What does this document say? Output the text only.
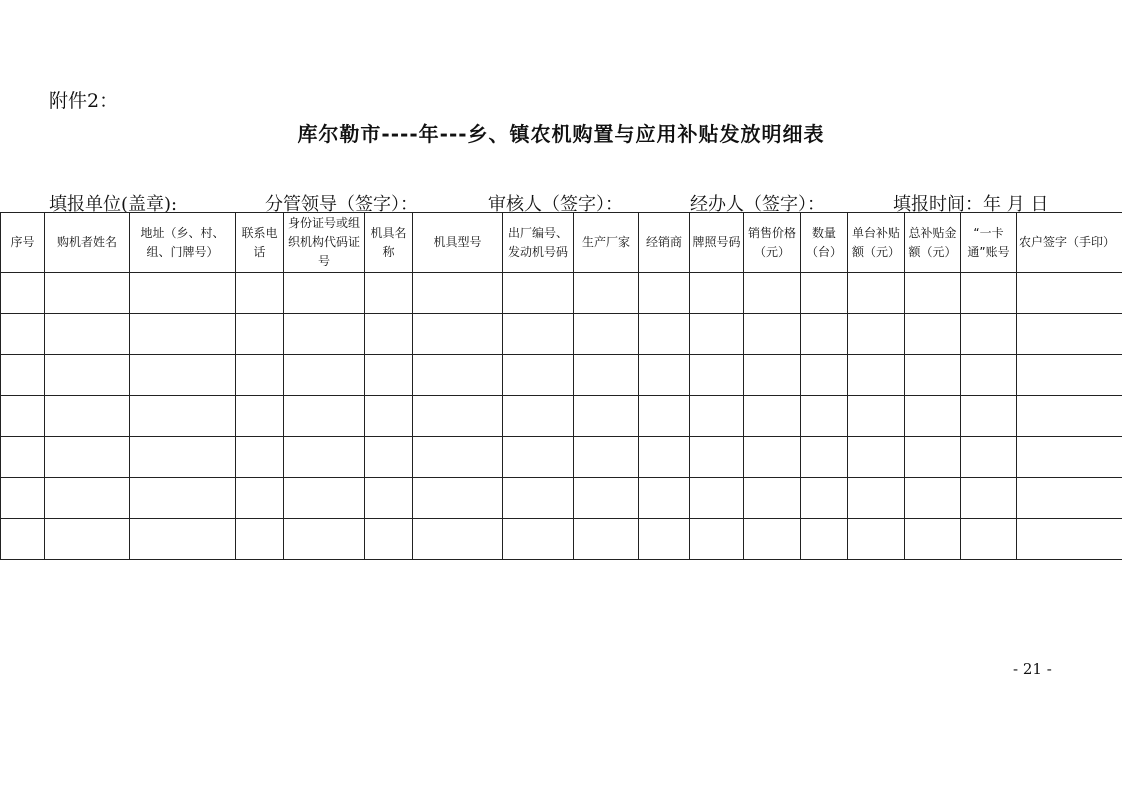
附件2：
库尔勒市----年---乡、镇农机购置与应用补贴发放明细表
填报单位(盖章):	分管领导（签字）：	审核人（签字）：	经办人（签字）：	填报时间：年 月 日
序号	购机者姓名	地址（乡、村、组、门牌号）	联系电话	身份证号或组织机构代码证号	机具名称	机具型号	出厂编号、发动机号码	生产厂家	经销商	牌照号码	销售价格（元）	数量（台）	单台补贴额（元）	总补贴金额（元）	“一卡通”账号	农户签字（手印）

- 21 -
